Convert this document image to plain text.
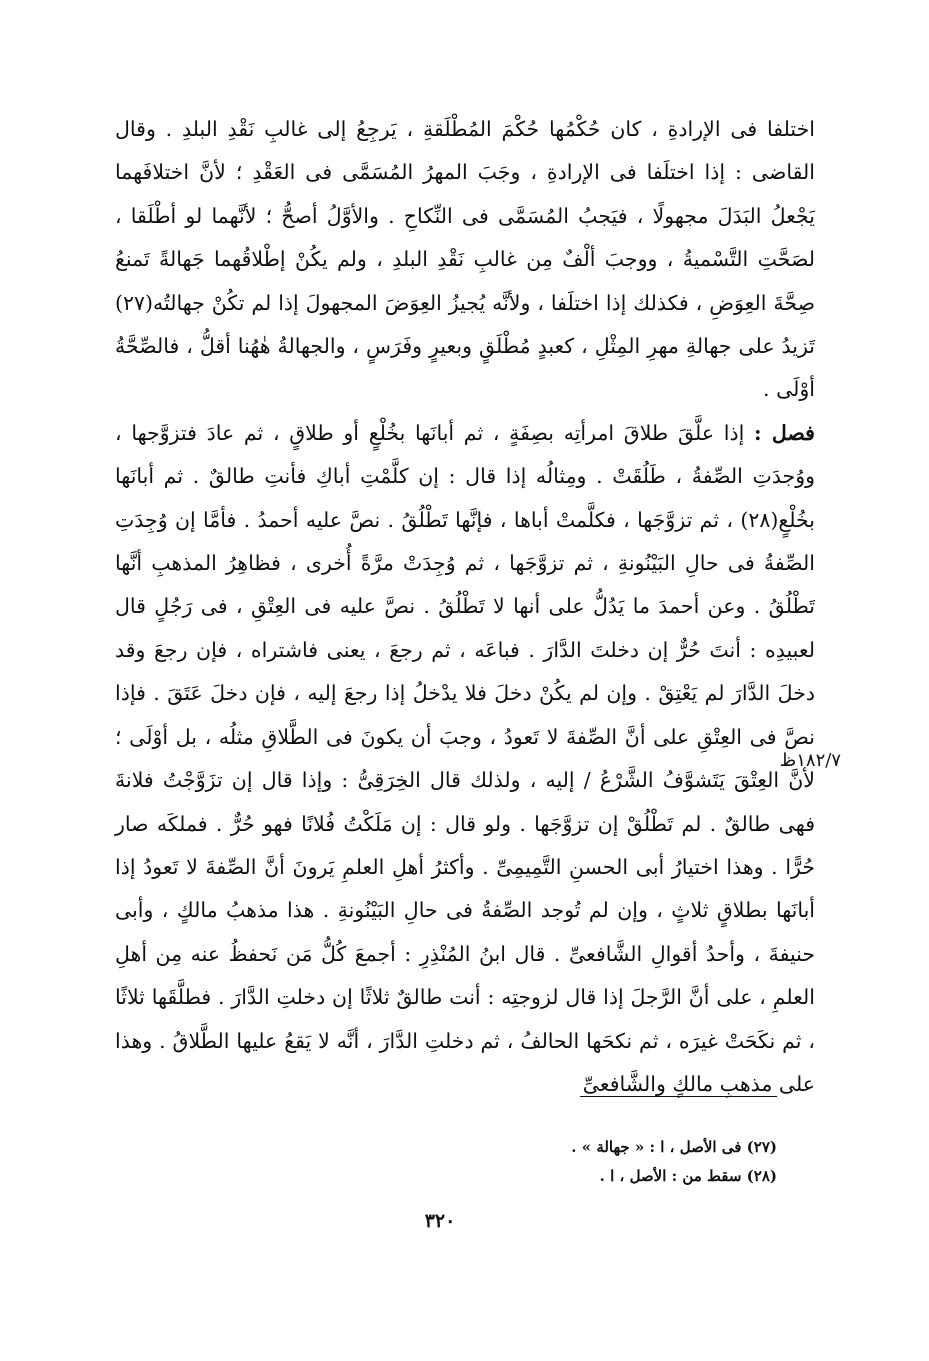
اختلفا فى الإرادةِ ، كان حُكْمُها حُكْمَ المُطْلَقةِ ، يَرجِعُ إلى غالبِ نَقْدِ البلدِ . وقال القاضى : إذا اختلَفا فى الإرادةِ ، وجَبَ المهرُ المُسَمَّى فى العَقْدِ ؛ لأنَّ اختلافَهما يَجْعلُ البَدَلَ مجهولًا ، فيَجبُ المُسَمَّى فى النِّكاحِ . والأوَّلُ أصحُّ ؛ لأنَّهما لو أطْلَقا ، لصَحَّتِ التَّسْميةُ ، ووجبَ ألْفٌ مِن غالبِ نَقْدِ البلدِ ، ولم يكُنْ إطْلاقُهما جَهالةً تَمنعُ صِحَّةَ العِوَضِ ، فكذلك إذا اختلَفا ، ولأنَّه يُجيزُ العِوَضَ المجهولَ إذا لم تكُنْ جهالتُه(٢٧) تَزيدُ على جهالةِ مهرِ المِثْلِ ، كعبدٍ مُطْلَقٍ وبعيرٍ وفَرَسٍ ، والجهالةُ هٰهُنا أقلُّ ، فالصِّحَّةُ أوْلَى .

فصل : إذا علَّقَ طلاقَ امرأتِه بصِفَةٍ ، ثم أبانَها بخُلْعٍ أو طلاقٍ ، ثم عادَ فتزوَّجها ، ووُجدَتِ الصِّفةُ ، طَلُقَتْ . ومِثالُه إذا قال : إن كلَّمْتِ أباكِ فأنتِ طالقٌ . ثم أبانَها بخُلْعٍ(٢٨) ، ثم تزوَّجَها ، فكلَّمتْ أباها ، فإنَّها تَطْلُقُ . نصَّ عليه أحمدُ . فأمَّا إن وُجِدَتِ الصِّفةُ فى حالِ البَيْنُونةِ ، ثم تزوَّجَها ، ثم وُجِدَتْ مرَّةً أُخرى ، فظاهِرُ المذهبِ أنَّها تَطْلُقُ . وعن أحمدَ ما يَدُلُّ على أنها لا تَطْلُقُ . نصَّ عليه فى العِتْقِ ، فى رَجُلٍ قال لعبيدِه : أنتَ حُرٌّ إن دخلتَ الدَّارَ . فباعَه ، ثم رجعَ ، يعنى فاشتراه ، فإن رجعَ وقد دخلَ الدَّارَ لم يَعْتِقْ . وإن لم يكُنْ دخلَ فلا يدْخلُ إذا رجعَ إليه ، فإن دخلَ عَتَقَ . فإذا نصَّ فى العِتْقِ على أنَّ الصِّفةَ لا تَعودُ ، وجبَ أن يكونَ فى الطَّلاقِ مثلُه ، بل أوْلَى ؛ لأنَّ العِتْقَ يَتَشوَّفُ الشَّرْعُ / إليه ، ولذلك قال الخِرَقِىُّ : وإذا قال إن تزَوَّجْتُ فلانةَ فهى طالقٌ . لم تَطْلُقْ إن تزوَّجَها . ولو قال : إن مَلَكْتُ فُلانًا فهو حُرٌّ . فملكَه صار حُرًّا . وهذا اختيارُ أبى الحسنِ التَّمِيمِىِّ . وأكثرُ أهلِ العلمِ يَرونَ أنَّ الصِّفةَ لا تَعودُ إذا أبانَها بطلاقٍ ثلاثٍ ، وإن لم تُوجد الصِّفةُ فى حالِ البَيْنُونةِ . هذا مذهبُ مالكٍ ، وأبى حنيفةَ ، وأحدُ أقوالِ الشَّافعىِّ . قال ابنُ المُنْذِرِ : أجمعَ كُلُّ مَن نَحفظُ عنه مِن أهلِ العلمِ ، على أنَّ الرَّجلَ إذا قال لزوجتِه : أنت طالقٌ ثلاثًا إن دخلتِ الدَّارَ . فطلَّقَها ثلاثًا ، ثم نكَحَتْ غيرَه ، ثم نكحَها الحالفُ ، ثم دخلتِ الدَّارَ ، أنَّه لا يَقعُ عليها الطَّلاقُ . وهذا على مذهبِ مالكٍ والشَّافعىِّ

١٨٢/٧ظ
(٢٧) فى الأصل ، ا : « جهالة » .
(٢٨) سقط من : الأصل ، ا .
٣٢٠
